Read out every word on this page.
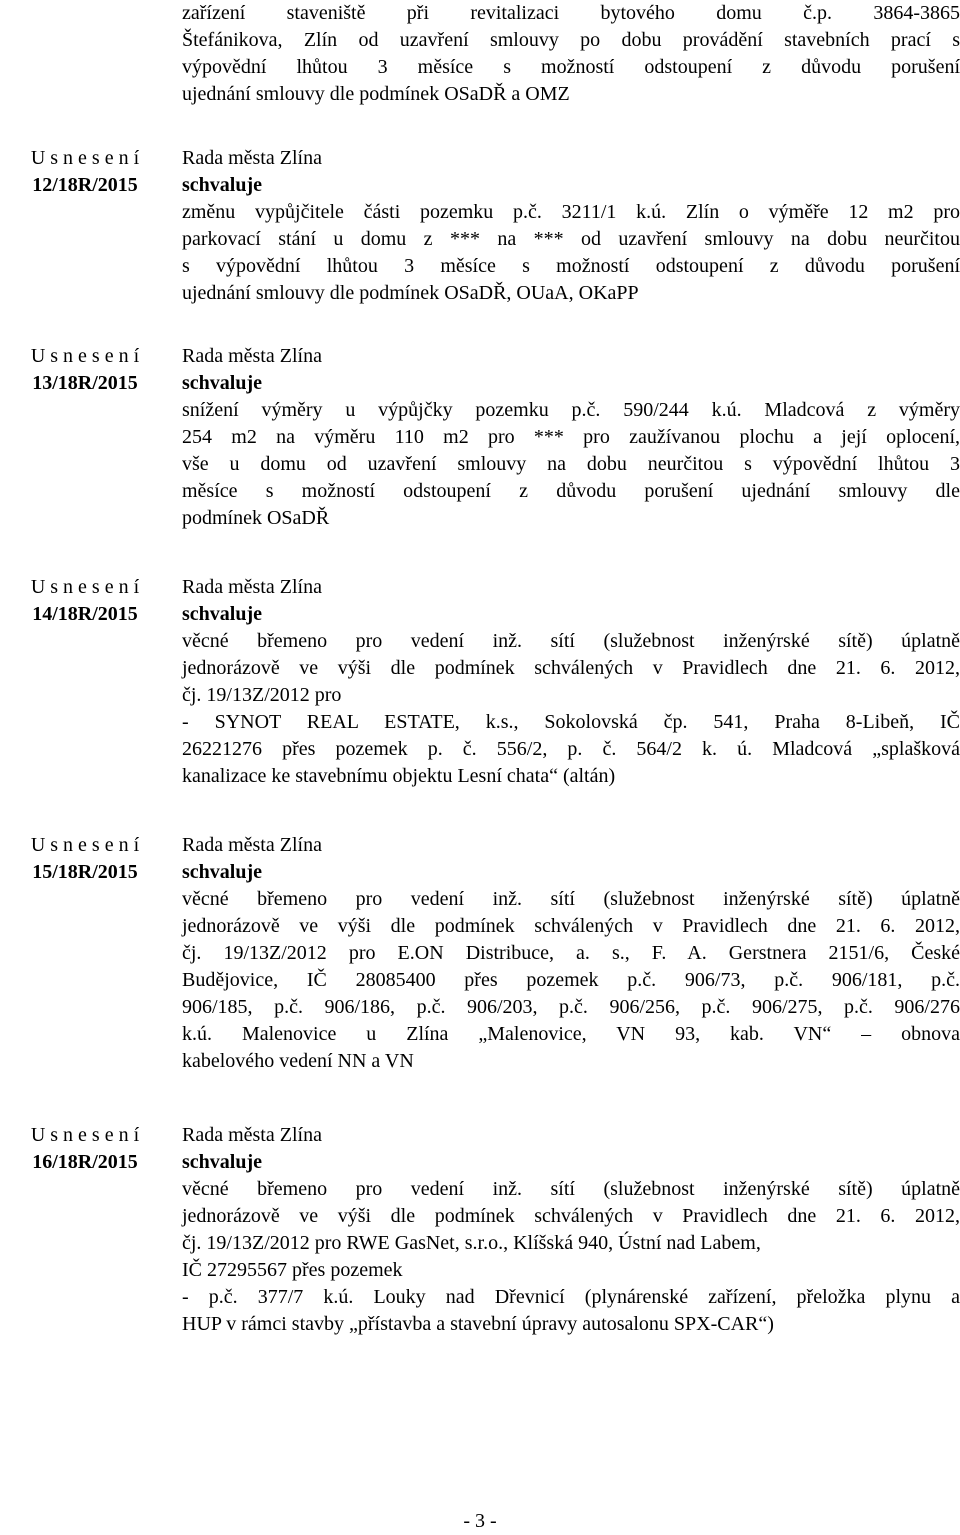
zařízení staveniště při revitalizaci bytového domu č.p. 3864-3865
Štefánikova, Zlín od uzavření smlouvy po dobu provádění stavebních prací s
výpovědní lhůtou 3 měsíce s možností odstoupení z důvodu porušení
ujednání smlouvy dle podmínek OSaDŘ a OMZ
U s n e s e n í
12/18R/2015
Rada města Zlína
schvaluje
změnu vypůjčitele části pozemku p.č. 3211/1 k.ú. Zlín o výměře 12 m2 pro
parkovací stání u domu z *** na *** od uzavření smlouvy na dobu neurčitou
s výpovědní lhůtou 3 měsíce s možností odstoupení z důvodu porušení
ujednání smlouvy dle podmínek OSaDŘ, OUaA, OKaPP
U s n e s e n í
13/18R/2015
Rada města Zlína
schvaluje
snížení výměry u výpůjčky pozemku p.č. 590/244 k.ú. Mladcová z výměry
254 m2 na výměru 110 m2 pro *** pro zaužívanou plochu a její oplocení,
vše u domu od uzavření smlouvy na dobu neurčitou s výpovědní lhůtou 3
měsíce s možností odstoupení z důvodu porušení ujednání smlouvy dle
podmínek OSaDŘ
U s n e s e n í
14/18R/2015
Rada města Zlína
schvaluje
věcné břemeno pro vedení inž. sítí (služebnost inženýrské sítě) úplatně
jednorázově ve výši dle podmínek schválených v Pravidlech dne 21. 6. 2012,
čj. 19/13Z/2012 pro
- SYNOT REAL ESTATE, k.s., Sokolovská čp. 541, Praha 8-Libeň, IČ
26221276 přes pozemek p. č. 556/2, p. č. 564/2 k. ú. Mladcová „splašková
kanalizace ke stavebnímu objektu Lesní chata“ (altán)
U s n e s e n í
15/18R/2015
Rada města Zlína
schvaluje
věcné břemeno pro vedení inž. sítí (služebnost inženýrské sítě) úplatně
jednorázově ve výši dle podmínek schválených v Pravidlech dne 21. 6. 2012,
čj. 19/13Z/2012 pro E.ON Distribuce, a. s., F. A. Gerstnera 2151/6, České
Budějovice, IČ 28085400 přes pozemek p.č. 906/73, p.č. 906/181, p.č.
906/185, p.č. 906/186, p.č. 906/203, p.č. 906/256, p.č. 906/275, p.č. 906/276
k.ú. Malenovice u Zlína „Malenovice, VN 93, kab. VN“ – obnova
kabelového vedení NN a VN
U s n e s e n í
16/18R/2015
Rada města Zlína
schvaluje
věcné břemeno pro vedení inž. sítí (služebnost inženýrské sítě) úplatně
jednorázově ve výši dle podmínek schválených v Pravidlech dne 21. 6. 2012,
čj. 19/13Z/2012 pro RWE GasNet, s.r.o., Klíšská 940, Ústní nad Labem,
IČ 27295567 přes pozemek
- p.č. 377/7 k.ú. Louky nad Dřevnicí (plynárenské zařízení, přeložka plynu a
HUP v rámci stavby „přístavba a stavební úpravy autosalonu SPX-CAR“)
- 3 -
